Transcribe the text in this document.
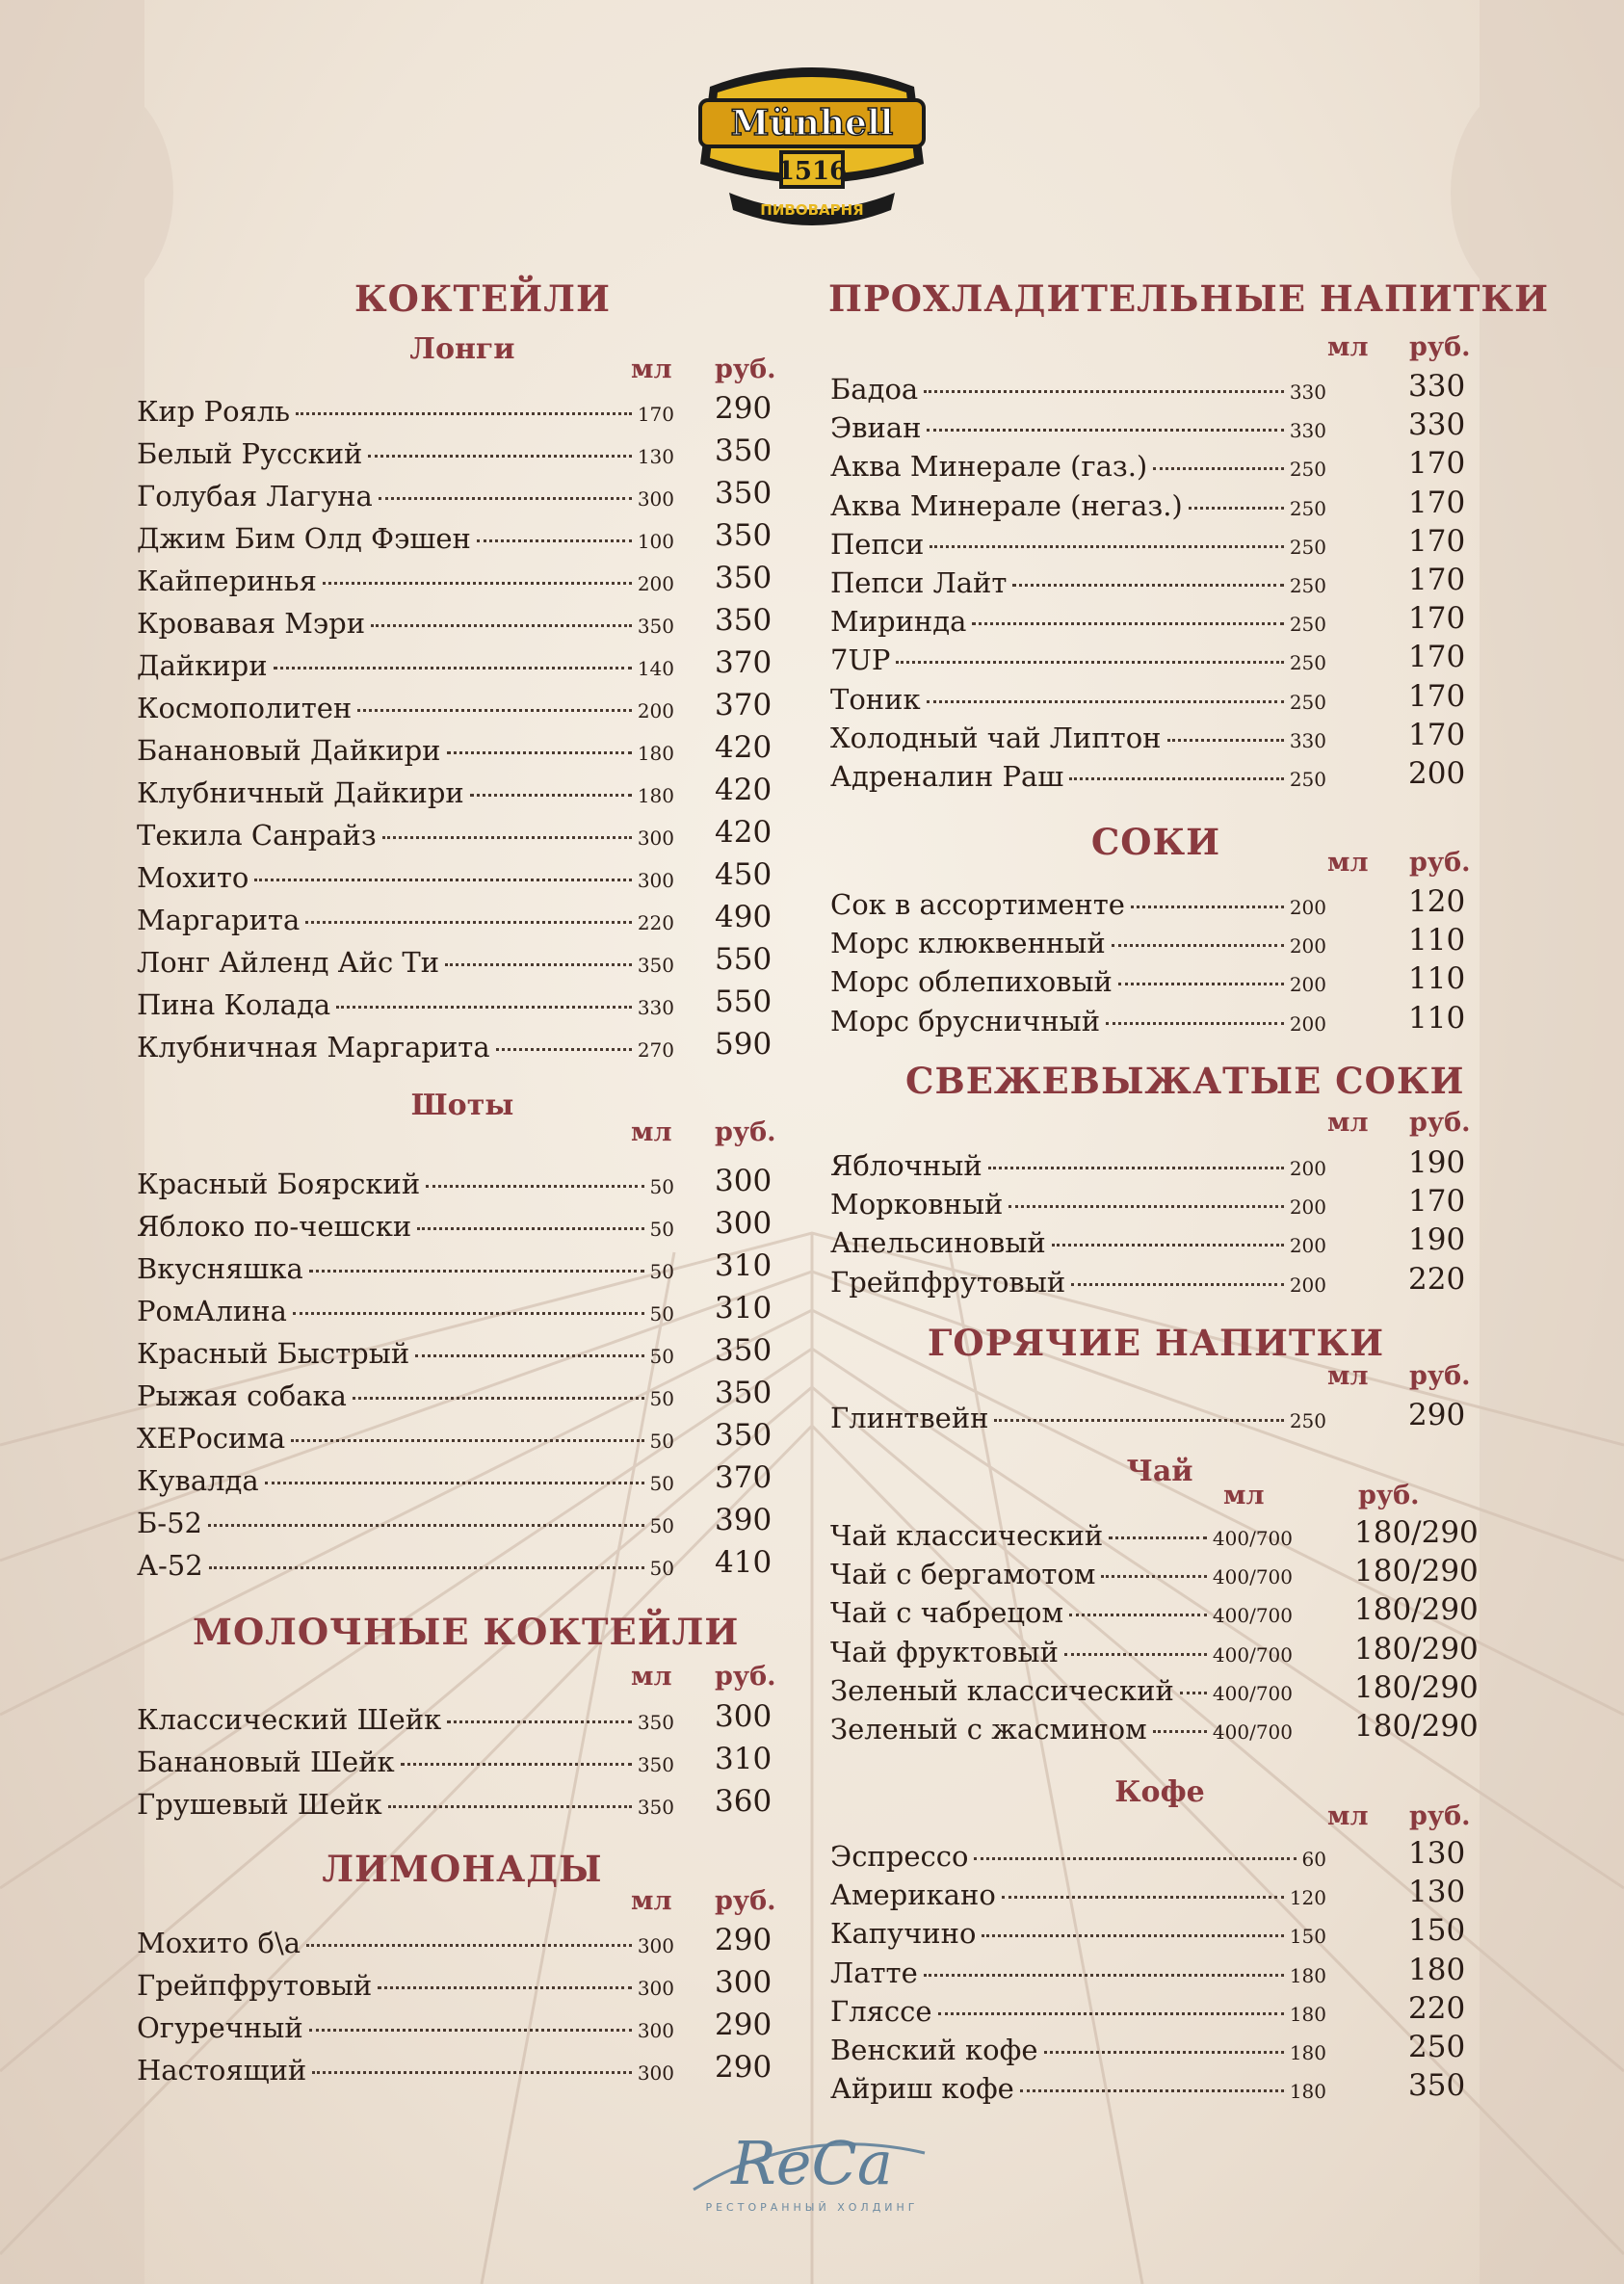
Münhell
1516
ПИВОВАРНЯ
КОКТЕЙЛИ
Лонги
мл руб.
Кир Рояль	170 290
Белый Русский	130 350
Голубая Лагуна	300 350
Джим Бим Олд Фэшен	100 350
Кайперинья	200 350
Кровавая Мэри	350 350
Дайкири	140 370
Космополитен	200 370
Банановый Дайкири	180 420
Клубничный Дайкири	180 420
Текила Санрайз	300 420
Мохито	300 450
Маргарита	220 490
Лонг Айленд Айс Ти	350 550
Пина Колада	330 550
Клубничная Маргарита	270 590
Шоты
мл руб.
Красный Боярский	50 300
Яблоко по-чешски	50 300
Вкусняшка	50 310
РомАлина	50 310
Красный Быстрый	50 350
Рыжая собака	50 350
ХЕРосима	50 350
Кувалда	50 370
Б-52	50 390
А-52	50 410
МОЛОЧНЫЕ КОКТЕЙЛИ
мл руб.
Классический Шейк	350 300
Банановый Шейк	350 310
Грушевый Шейк	350 360
ЛИМОНАДЫ
мл руб.
Мохито б\а	300 290
Грейпфрутовый	300 300
Огуречный	300 290
Настоящий	300 290
ПРОХЛАДИТЕЛЬНЫЕ НАПИТКИ
мл руб.
Бадоа	330	330
Эвиан	330	330
Аква Минерале (газ.)	250	170
Аква Минерале (негаз.)	250	170
Пепси	250	170
Пепси Лайт	250	170
Миринда	250	170
7UP	250	170
Тоник	250	170
Холодный чай Липтон	330	170
Адреналин Раш	250	200
СОКИ	мл руб.
Сок в ассортименте	200	120
Морс клюквенный	200	110
Морс облепиховый	200	110
Морс брусничный	200	110
СВЕЖЕВЫЖАТЫЕ СОКИ
мл руб.
Яблочный	200	190
Морковный	200	170
Апельсиновый	200	190
Грейпфрутовый	200	220
ГОРЯЧИЕ НАПИТКИ
мл руб.
Глинтвейн	250	290
Чай
мл	руб.
Чай классический	400/700 180/290
Чай с бергамотом	400/700 180/290
Чай с чабрецом	400/700 180/290
Чай фруктовый	400/700 180/290
Зеленый классический 400/700 180/290
Зеленый с жасмином	400/700 180/290
Кофе
мл руб.
Эспрессо	60	130
Американо	120	130
Капучино	150	150
Латте	180	180
Гляссе	180	220
Венский кофе	180	250
Айриш кофе	180	350
ReCa
РЕСТОРАННЫЙ ХОЛДИНГ
